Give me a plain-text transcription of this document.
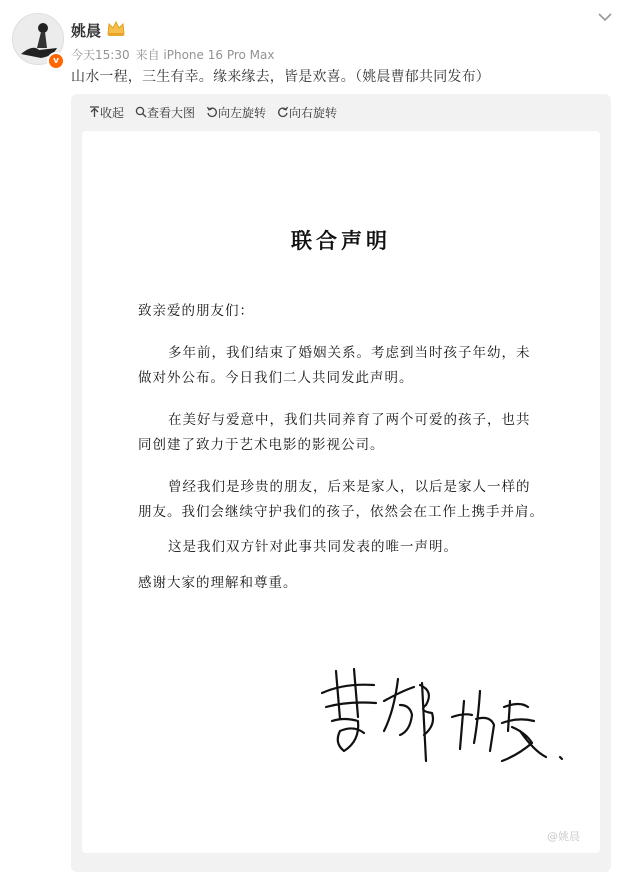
v
姚晨
今天15:30 来自 iPhone 16 Pro Max
山水一程，三生有幸。缘来缘去，皆是欢喜。（姚晨曹郁共同发布）
收起 查看大图 向左旋转 向右旋转
联合声明
致亲爱的朋友们：
多年前，我们结束了婚姻关系。考虑到当时孩子年幼，未
做对外公布。今日我们二人共同发此声明。
在美好与爱意中，我们共同养育了两个可爱的孩子，也共
同创建了致力于艺术电影的影视公司。
曾经我们是珍贵的朋友，后来是家人，以后是家人一样的
朋友。我们会继续守护我们的孩子，依然会在工作上携手并肩。
这是我们双方针对此事共同发表的唯一声明。
感谢大家的理解和尊重。
@姚晨
